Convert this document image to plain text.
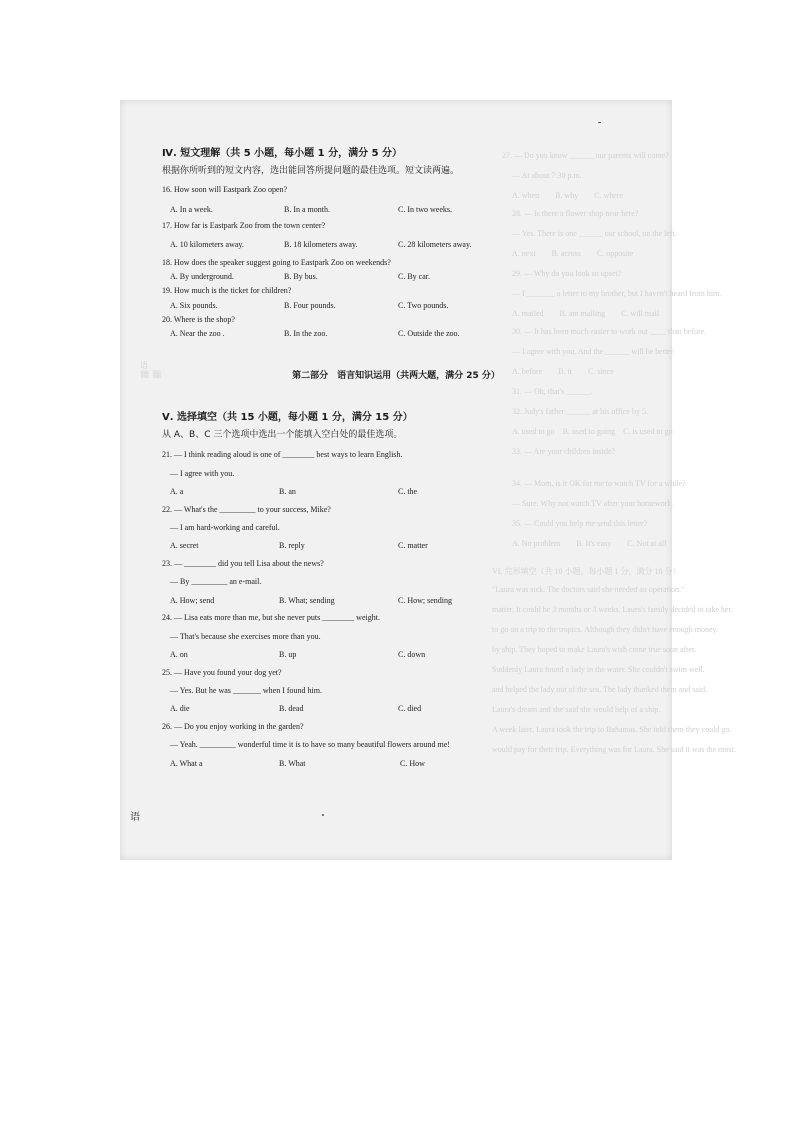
27. — Do you know ______ our parents will come?
— At about 7:30 p.m.
A. when　　B. why　　C. where
28. — Is there a flower shop near here?
— Yes. There is one ______ our school, on the left.
A. next　　B. across　　C. opposite
29. — Why do you look so upset?
— I _______ a letter to my brother, but I haven't heard from him.
A. mailed　　B. am mailing　　C. will mail
30. — It has been much easier to work out ____ than before.
— I agree with you. And the ______ will be better.
A. before　　B. it　　C. since
31. — Oh, that's ______.
32. Judy's father ______ at his office by 5.
A. used to go　B. used to going　C. is used to go
33. — Are your children inside?
34. — Mom, is it OK for me to watch TV for a while?
— Sure. Why not watch TV after your homework.
35. — Could you help me send this letter?
A. No problem　　B. It's easy　　C. Not at all
VI. 完形填空（共 10 小题，每小题 1 分，满分 10 分）
"Laura was sick. The doctors said she needed an operation."
matter. It could be 3 months or 3 weeks. Laura's family decided to take her.
to go on a trip to the tropics. Although they didn't have enough money.
by ship. They hoped to make Laura's wish come true soon after.
Suddenly Laura found a lady in the water. She couldn't swim well.
and helped the lady out of the sea. The lady thanked them and said.
Laura's dream and she said she would help of a ship.
A week later, Laura took the trip to Bahamas. She told them they could go.
would pay for their trip. Everything was for Laura. She said it was the most.
语
▦ ▦
Ⅳ. 短文理解（共 5 小题，每小题 1 分，满分 5 分）
根据你所听到的短文内容，选出能回答所提问题的最佳选项。短文读两遍。
16. How soon will Eastpark Zoo open?
A. In a week.	B. In a month.	C. In two weeks.
17. How far is Eastpark Zoo from the town center?
A. 10 kilometers away.	B. 18 kilometers away.	C. 28 kilometers away.
18. How does the speaker suggest going to Eastpark Zoo on weekends?
A. By underground.	B. By bus.	C. By car.
19. How much is the ticket for children?
A. Six pounds.	B. Four pounds.	C. Two pounds.
20. Where is the shop?
A. Near the zoo .	B. In the zoo.	C. Outside the zoo.
第二部分　语言知识运用（共两大题，满分 25 分）
Ⅴ. 选择填空（共 15 小题，每小题 1 分，满分 15 分）
从 A、B、C 三个选项中选出一个能填入空白处的最佳选项。
21. — I think reading aloud is one of ________ best ways to learn English.
— I agree with you.
A. a	B. an	C. the
22. — What's the _________ to your success, Mike?
— I am hard-working and careful.
A. secret	B. reply	C. matter
23. — ________ did you tell Lisa about the news?
— By _________ an e-mail.
A. How; send	B. What; sending	C. How; sending
24. — Lisa eats more than me, but she never puts ________ weight.
— That's because she exercises more than you.
A. on	B. up	C. down
25. — Have you found your dog yet?
— Yes. But he was _______ when I found him.
A. die	B. dead	C. died
26. — Do you enjoy working in the garden?
— Yeah. _________ wonderful time it is to have so many beautiful flowers around me!
A. What a	B. What	C. How
语
